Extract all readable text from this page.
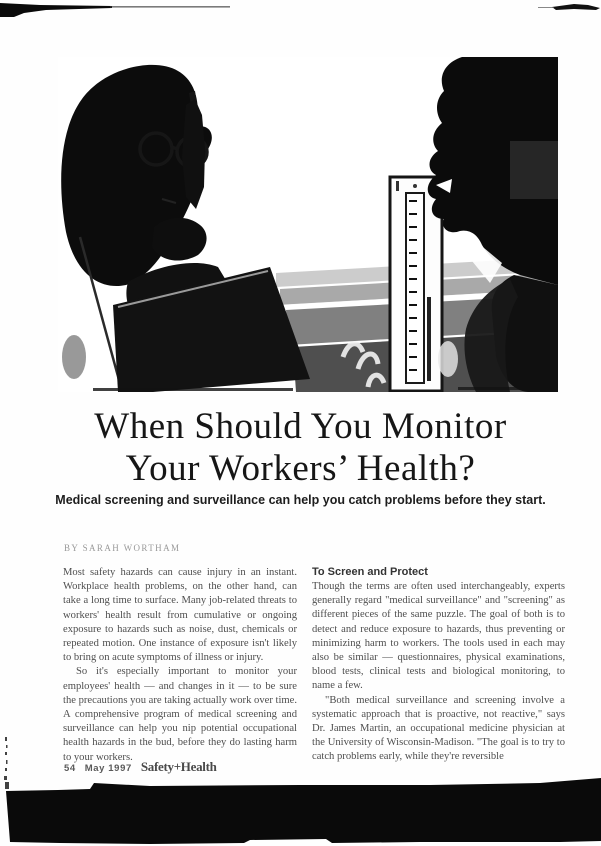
When Should You Monitor
Your Workers’ Health?
Medical screening and surveillance can help you catch problems before they start.
BY SARAH WORTHAM

Most safety hazards can cause injury in an instant. Workplace health problems, on the other hand, can take a long time to surface. Many job-related threats to workers' health result from cumulative or ongoing exposure to hazards such as noise, dust, chemicals or repeated motion. One instance of exposure isn't likely to bring on acute symptoms of illness or injury.

So it's especially important to monitor your employees' health — and changes in it — to be sure the precautions you are taking actually work over time. A comprehensive program of medical screening and surveillance can help you nip potential occupational health hazards in the bud, before they do lasting harm to your workers.

To Screen and Protect

Though the terms are often used interchangeably, experts generally regard "medical surveillance" and "screening" as different pieces of the same puzzle. The goal of both is to detect and reduce exposure to hazards, thus preventing or minimizing harm to workers. The tools used in each may also be similar — questionnaires, physical examinations, blood tests, clinical tests and biological monitoring, to name a few.

"Both medical surveillance and screening involve a systematic approach that is proactive, not reactive," says Dr. James Martin, an occupational medicine physician at the University of Wisconsin-Madison. "The goal is to try to catch problems early, while they're reversible

54 May 1997 Safety+Health
